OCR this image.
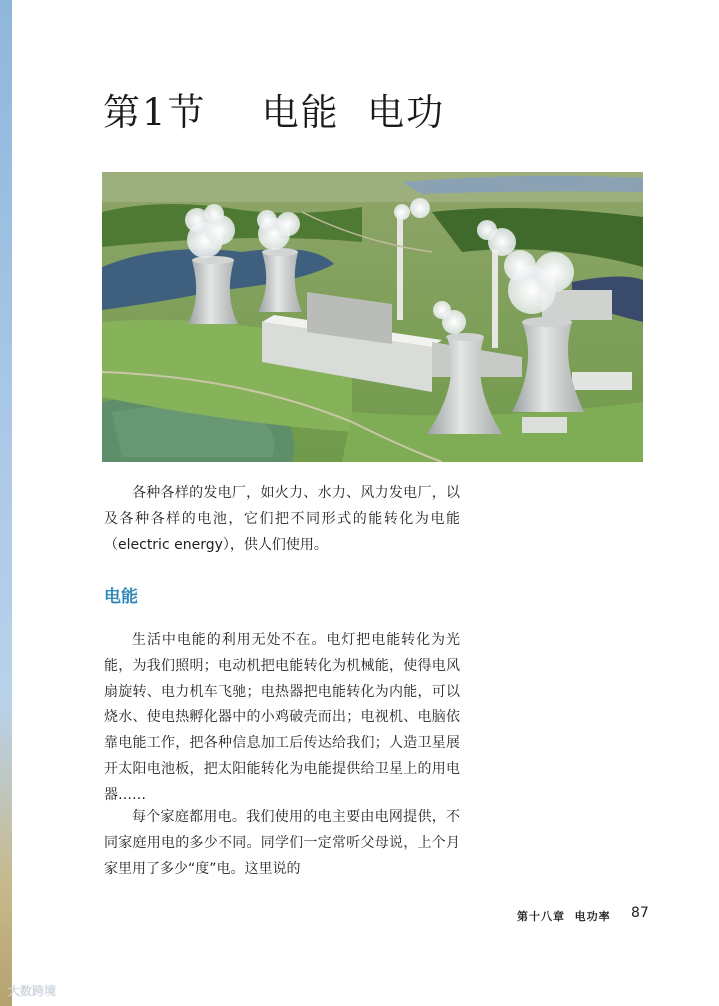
第1节    电能  电功

各种各样的发电厂，如火力、水力、风力发电厂，以及各种各样的电池，它们把不同形式的能转化为电能（electric energy），供人们使用。

电能

生活中电能的利用无处不在。电灯把电能转化为光能，为我们照明；电动机把电能转化为机械能，使得电风扇旋转、电力机车飞驰；电热器把电能转化为内能，可以烧水、使电热孵化器中的小鸡破壳而出；电视机、电脑依靠电能工作，把各种信息加工后传达给我们；人造卫星展开太阳电池板，把太阳能转化为电能提供给卫星上的用电器……

每个家庭都用电。我们使用的电主要由电网提供，不同家庭用电的多少不同。同学们一定常听父母说，上个月家里用了多少“度”电。这里说的

第十八章  电功率 87
大数跨境
